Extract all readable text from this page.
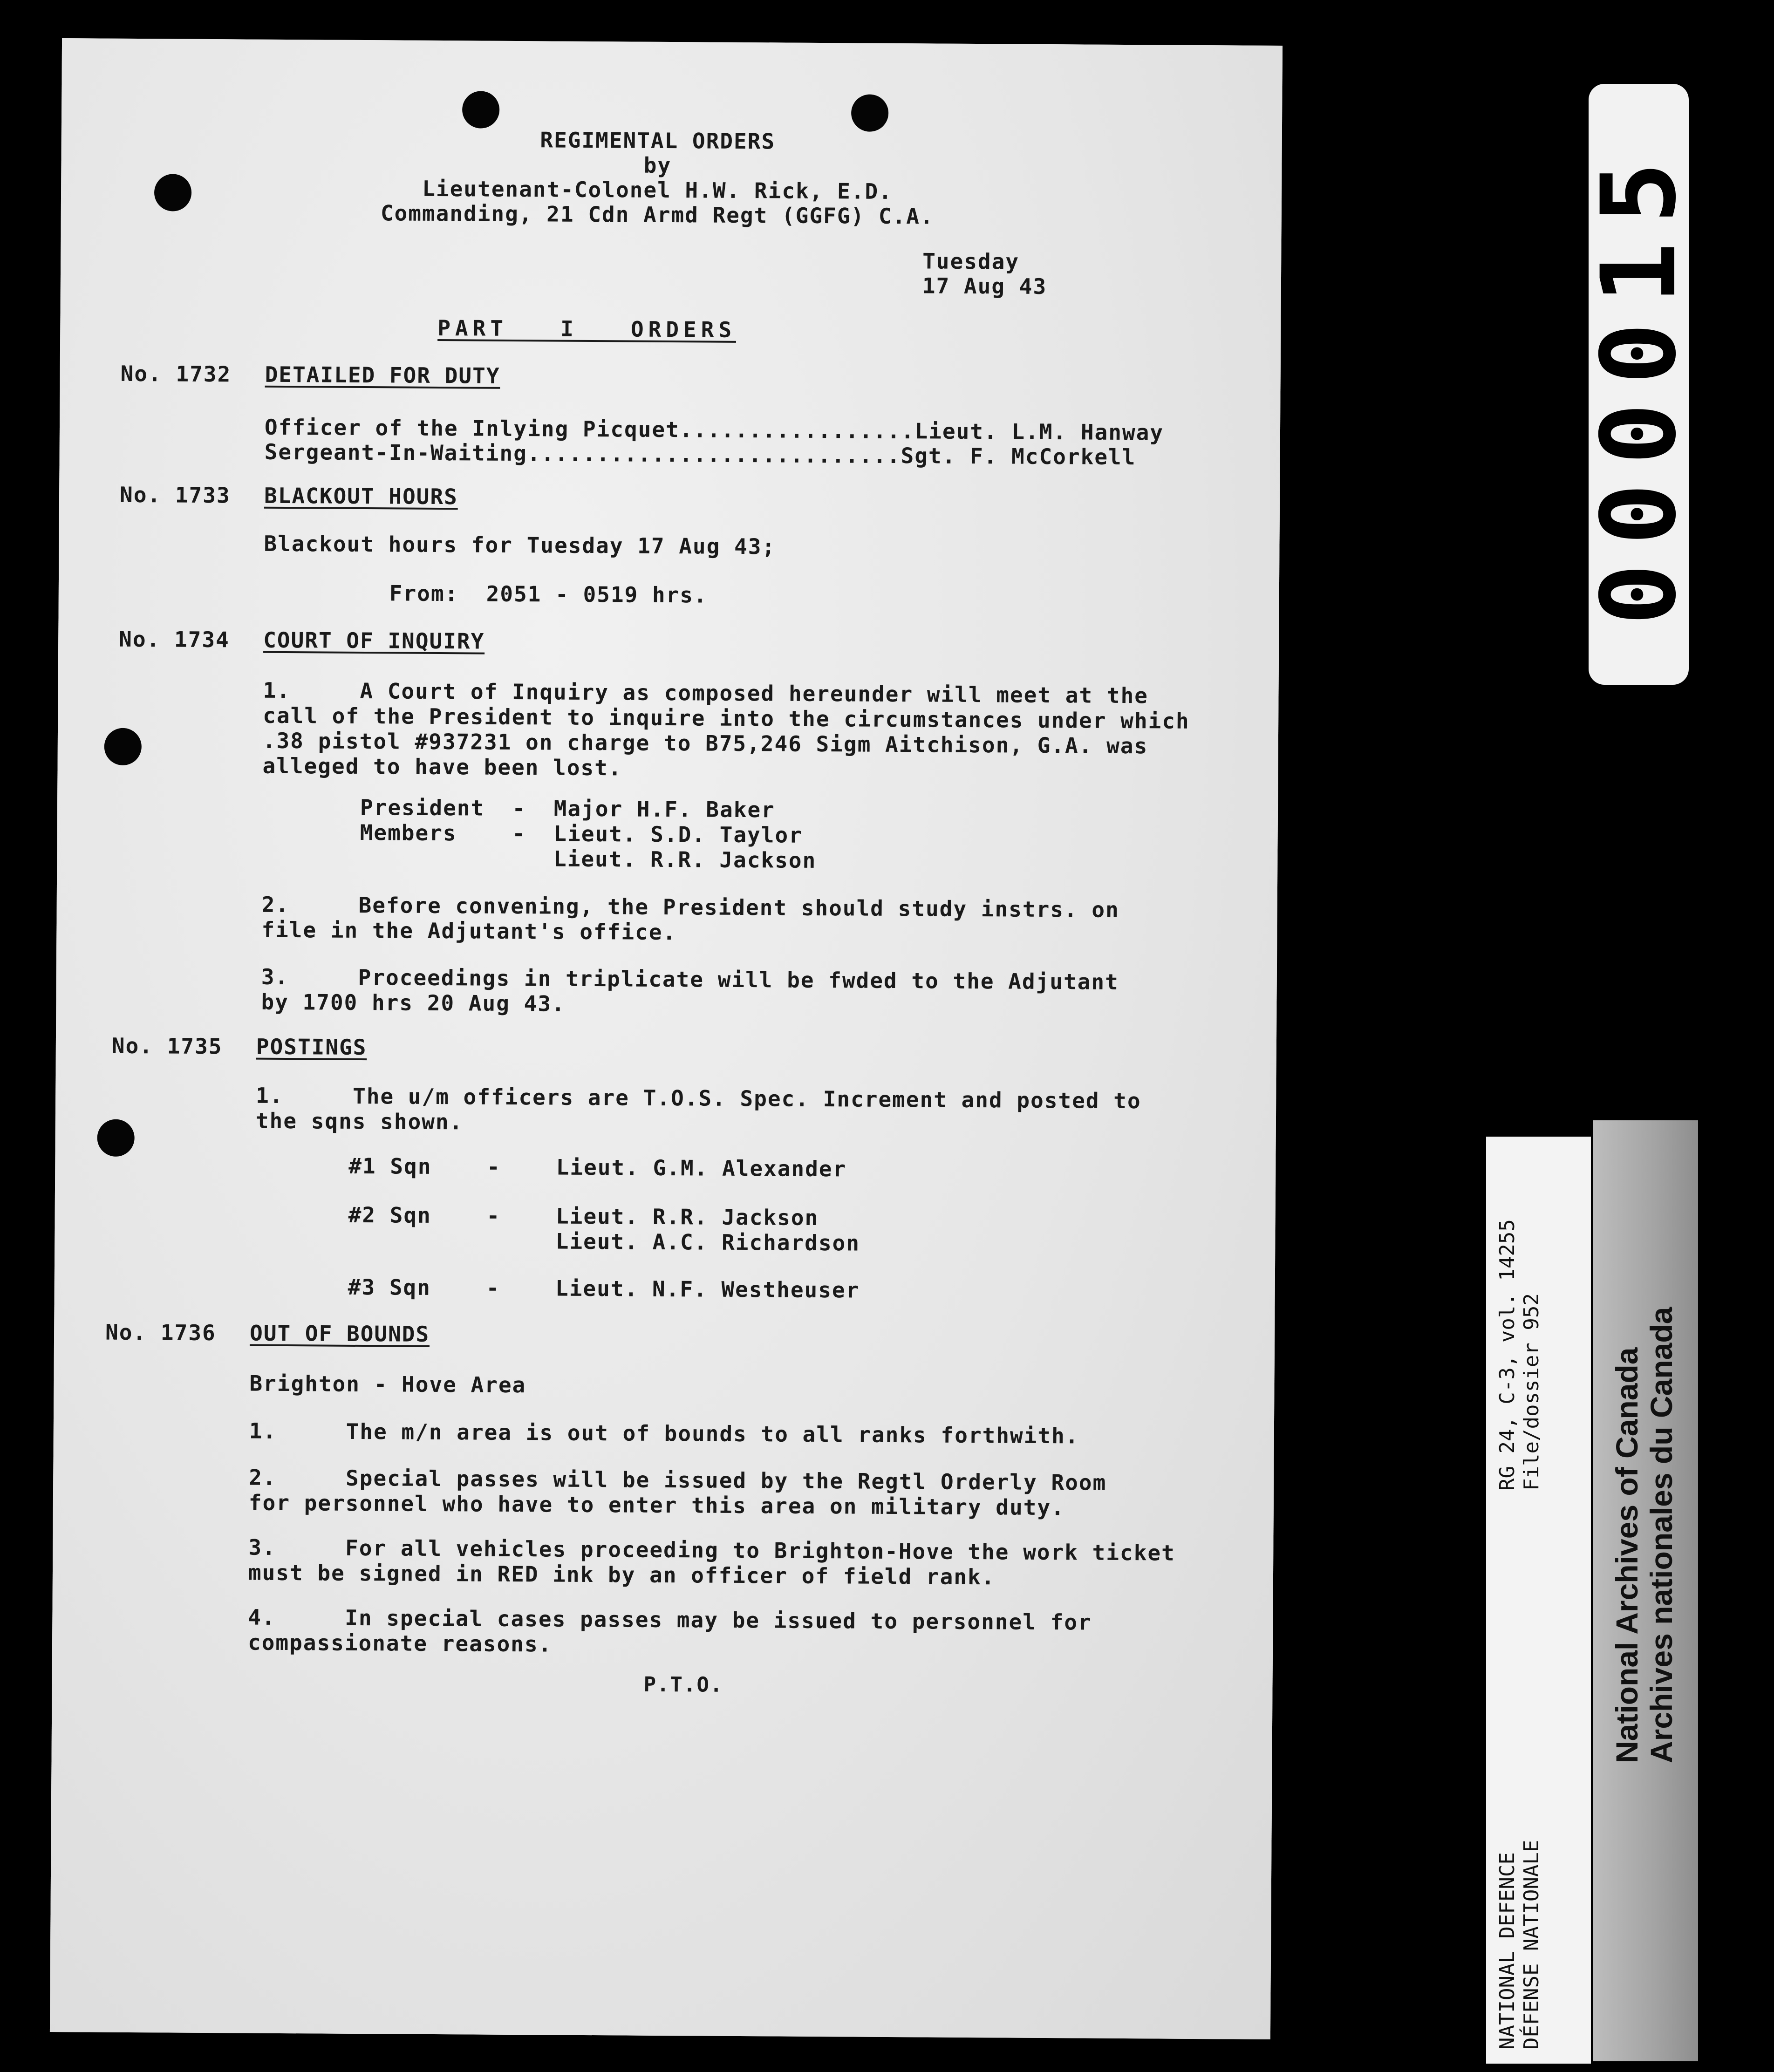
REGIMENTAL ORDERS
by
Lieutenant-Colonel H.W. Rick, E.D.
Commanding, 21 Cdn Armd Regt (GGFG) C.A.
Tuesday
17 Aug 43
PART   I   ORDERS
No. 1732 DETAILED FOR DUTY
Officer of the Inlying Picquet.................Lieut. L.M. Hanway
Sergeant-In-Waiting...........................Sgt. F. McCorkell
No. 1733 BLACKOUT HOURS
Blackout hours for Tuesday 17 Aug 43;
From:  2051 - 0519 hrs.
No. 1734 COURT OF INQUIRY
1.     A Court of Inquiry as composed hereunder will meet at the
call of the President to inquire into the circumstances under which
.38 pistol #937231 on charge to B75,246 Sigm Aitchison, G.A. was
alleged to have been lost.
President  -  Major H.F. Baker
Members    -  Lieut. S.D. Taylor
Lieut. R.R. Jackson
2.     Before convening, the President should study instrs. on
file in the Adjutant's office.
3.     Proceedings in triplicate will be fwded to the Adjutant
by 1700 hrs 20 Aug 43.
No. 1735 POSTINGS
1.     The u/m officers are T.O.S. Spec. Increment and posted to
the sqns shown.
#1 Sqn    -    Lieut. G.M. Alexander
#2 Sqn    -    Lieut. R.R. Jackson
Lieut. A.C. Richardson
#3 Sqn    -    Lieut. N.F. Westheuser
No. 1736 OUT OF BOUNDS
Brighton - Hove Area
1.     The m/n area is out of bounds to all ranks forthwith.
2.     Special passes will be issued by the Regtl Orderly Room
for personnel who have to enter this area on military duty.
3.     For all vehicles proceeding to Brighton-Hove the work ticket
must be signed in RED ink by an officer of field rank.
4.     In special cases passes may be issued to personnel for
compassionate reasons.
P.T.O.
000015
RG 24, C-3, vol. 14255
File/dossier 952
NATIONAL DEFENCE
DÉFENSE NATIONALE
National Archives of Canada
Archives nationales du Canada
